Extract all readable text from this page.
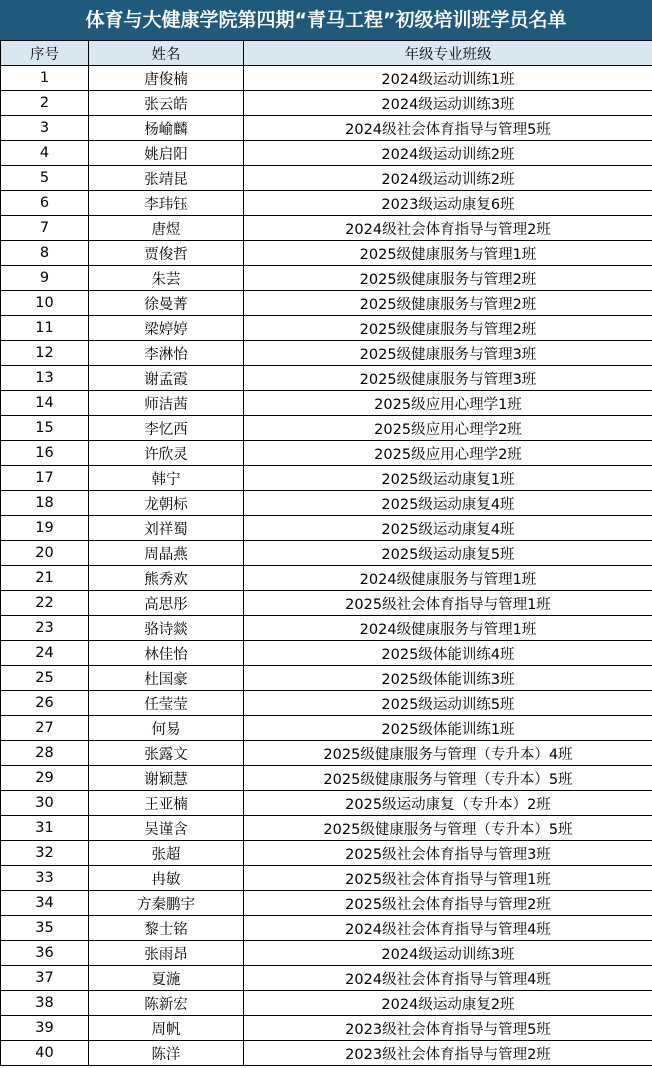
体育与大健康学院第四期“青马工程”初级培训班学员名单
序号	姓名	年级专业班级
1	唐俊楠	2024级运动训练1班
2	张云皓	2024级运动训练3班
3	杨崳麟	2024级社会体育指导与管理5班
4	姚启阳	2024级运动训练2班
5	张靖昆	2024级运动训练2班
6	李玮钰	2023级运动康复6班
7	唐煜	2024级社会体育指导与管理2班
8	贾俊哲	2025级健康服务与管理1班
9	朱芸	2025级健康服务与管理2班
10	徐曼菁	2025级健康服务与管理2班
11	梁婷婷	2025级健康服务与管理2班
12	李淋怡	2025级健康服务与管理3班
13	谢孟霞	2025级健康服务与管理3班
14	师洁茜	2025级应用心理学1班
15	李忆西	2025级应用心理学2班
16	许欣灵	2025级应用心理学2班
17	韩宁	2025级运动康复1班
18	龙朝标	2025级运动康复4班
19	刘祥蜀	2025级运动康复4班
20	周晶燕	2025级运动康复5班
21	熊秀欢	2024级健康服务与管理1班
22	高思彤	2025级社会体育指导与管理1班
23	骆诗燚	2024级健康服务与管理1班
24	林佳怡	2025级体能训练4班
25	杜国豪	2025级体能训练3班
26	任莹莹	2025级运动训练5班
27	何易	2025级体能训练1班
28	张露文	2025级健康服务与管理（专升本）4班
29	谢颖慧	2025级健康服务与管理（专升本）5班
30	王亚楠	2025级运动康复（专升本）2班
31	吴谨含	2025级健康服务与管理（专升本）5班
32	张超	2025级社会体育指导与管理3班
33	冉敏	2025级社会体育指导与管理1班
34	方秦鹏宇	2025级社会体育指导与管理2班
35	黎士铭	2024级社会体育指导与管理4班
36	张雨昂	2024级运动训练3班
37	夏湤	2024级社会体育指导与管理4班
38	陈新宏	2024级运动康复2班
39	周帆	2023级社会体育指导与管理5班
40	陈洋	2023级社会体育指导与管理2班
